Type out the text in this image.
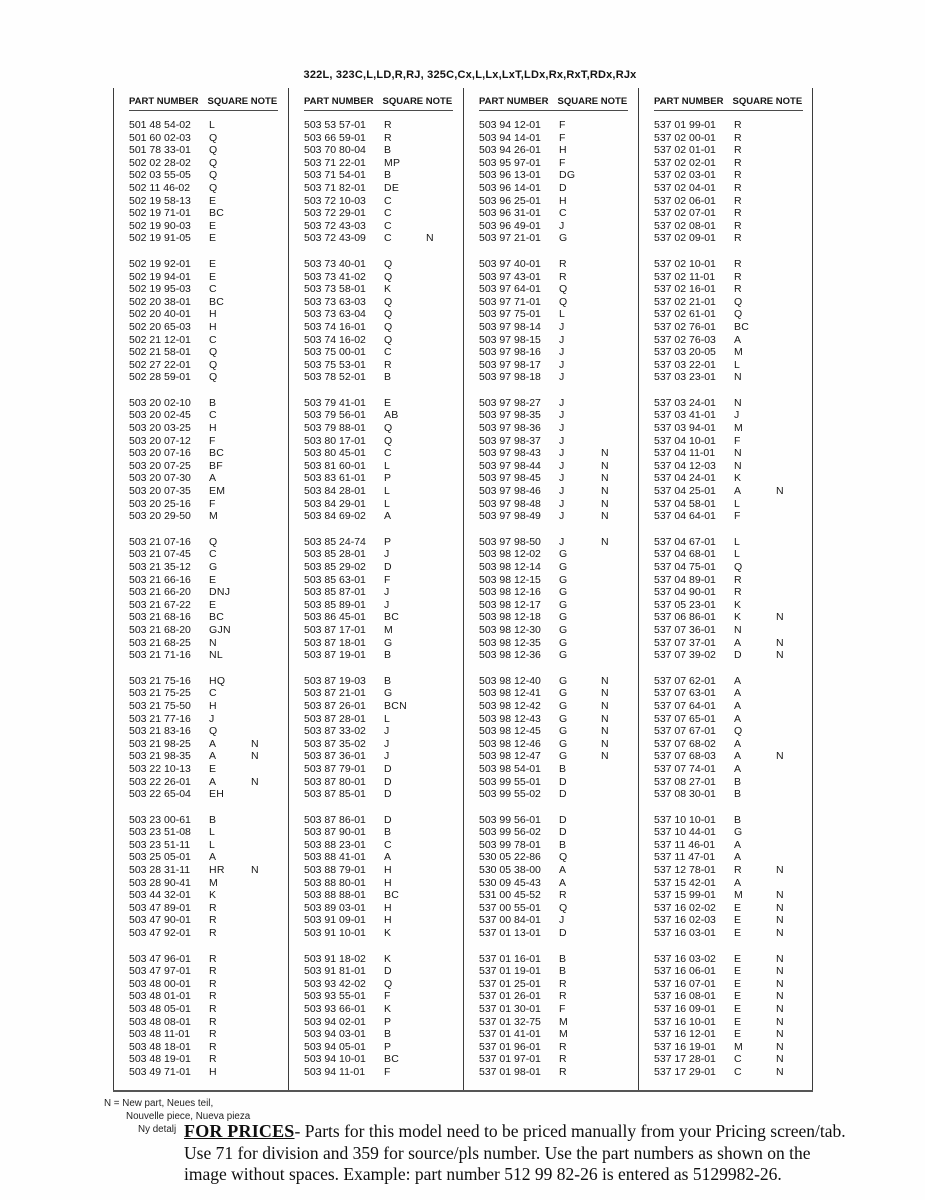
322L, 323C,L,LD,R,RJ, 325C,Cx,L,Lx,LxT,LDx,Rx,RxT,RDx,RJx
PART NUMBER SQUARE NOTE
501 48 54-02 L
501 60 02-03 Q
501 78 33-01 Q
502 02 28-02 Q
502 03 55-05 Q
502 11 46-02 Q
502 19 58-13 E
502 19 71-01 BC
502 19 90-03 E
502 19 91-05 E
502 19 92-01 E
502 19 94-01 E
502 19 95-03 C
502 20 38-01 BC
502 20 40-01 H
502 20 65-03 H
502 21 12-01 C
502 21 58-01 Q
502 27 22-01 Q
502 28 59-01 Q
503 20 02-10 B
503 20 02-45 C
503 20 03-25 H
503 20 07-12 F
503 20 07-16 BC
503 20 07-25 BF
503 20 07-30 A
503 20 07-35 EM
503 20 25-16 F
503 20 29-50 M
503 21 07-16 Q
503 21 07-45 C
503 21 35-12 G
503 21 66-16 E
503 21 66-20 DNJ
503 21 67-22 E
503 21 68-16 BC
503 21 68-20 GJN
503 21 68-25 N
503 21 71-16 NL
503 21 75-16 HQ
503 21 75-25 C
503 21 75-50 H
503 21 77-16 J
503 21 83-16 Q
503 21 98-25 A	N
503 21 98-35 A	N
503 22 10-13 E
503 22 26-01 A	N
503 22 65-04 EH
503 23 00-61 B
503 23 51-08 L
503 23 51-11 L
503 25 05-01 A
503 28 31-11 HR N
503 28 90-41 M
503 44 32-01 K
503 47 89-01 R
503 47 90-01 R
503 47 92-01 R
503 47 96-01 R
503 47 97-01 R
503 48 00-01 R
503 48 01-01 R
503 48 05-01 R
503 48 08-01 R
503 48 11-01 R
503 48 18-01 R
503 48 19-01 R
503 49 71-01 H
PART NUMBER SQUARE NOTE
503 53 57-01 R
503 66 59-01 R
503 70 80-04 B
503 71 22-01 MP
503 71 54-01 B
503 71 82-01 DE
503 72 10-03 C
503 72 29-01 C
503 72 43-03 C
503 72 43-09 C	N
503 73 40-01 Q
503 73 41-02 Q
503 73 58-01 K
503 73 63-03 Q
503 73 63-04 Q
503 74 16-01 Q
503 74 16-02 Q
503 75 00-01 C
503 75 53-01 R
503 78 52-01 B
503 79 41-01 E
503 79 56-01 AB
503 79 88-01 Q
503 80 17-01 Q
503 80 45-01 C
503 81 60-01 L
503 83 61-01 P
503 84 28-01 L
503 84 29-01 L
503 84 69-02 A
503 85 24-74 P
503 85 28-01 J
503 85 29-02 D
503 85 63-01 F
503 85 87-01 J
503 85 89-01 J
503 86 45-01 BC
503 87 17-01 M
503 87 18-01 G
503 87 19-01 B
503 87 19-03 B
503 87 21-01 G
503 87 26-01 BCN
503 87 28-01 L
503 87 33-02 J
503 87 35-02 J
503 87 36-01 J
503 87 79-01 D
503 87 80-01 D
503 87 85-01 D
503 87 86-01 D
503 87 90-01 B
503 88 23-01 C
503 88 41-01 A
503 88 79-01 H
503 88 80-01 H
503 88 88-01 BC
503 89 03-01 H
503 91 09-01 H
503 91 10-01 K
503 91 18-02 K
503 91 81-01 D
503 93 42-02 Q
503 93 55-01 F
503 93 66-01 K
503 94 02-01 P
503 94 03-01 B
503 94 05-01 P
503 94 10-01 BC
503 94 11-01 F
PART NUMBER SQUARE NOTE
503 94 12-01 F
503 94 14-01 F
503 94 26-01 H
503 95 97-01 F
503 96 13-01 DG
503 96 14-01 D
503 96 25-01 H
503 96 31-01 C
503 96 49-01 J
503 97 21-01 G
503 97 40-01 R
503 97 43-01 R
503 97 64-01 Q
503 97 71-01 Q
503 97 75-01 L
503 97 98-14 J
503 97 98-15 J
503 97 98-16 J
503 97 98-17 J
503 97 98-18 J
503 97 98-27 J
503 97 98-35 J
503 97 98-36 J
503 97 98-37 J
503 97 98-43 J	N
503 97 98-44 J	N
503 97 98-45 J	N
503 97 98-46 J	N
503 97 98-48 J	N
503 97 98-49 J	N
503 97 98-50 J	N
503 98 12-02 G
503 98 12-14 G
503 98 12-15 G
503 98 12-16 G
503 98 12-17 G
503 98 12-18 G
503 98 12-30 G
503 98 12-35 G
503 98 12-36 G
503 98 12-40 G	N
503 98 12-41 G	N
503 98 12-42 G	N
503 98 12-43 G	N
503 98 12-45 G	N
503 98 12-46 G	N
503 98 12-47 G	N
503 98 54-01 B
503 99 55-01 D
503 99 55-02 D
503 99 56-01 D
503 99 56-02 D
503 99 78-01 B
530 05 22-86 Q
530 05 38-00 A
530 09 45-43 A
531 00 45-52 R
537 00 55-01 Q
537 00 84-01 J
537 01 13-01 D
537 01 16-01 B
537 01 19-01 B
537 01 25-01 R
537 01 26-01 R
537 01 30-01 F
537 01 32-75 M
537 01 41-01 M
537 01 96-01 R
537 01 97-01 R
537 01 98-01 R
PART NUMBER SQUARE NOTE
537 01 99-01 R
537 02 00-01 R
537 02 01-01 R
537 02 02-01 R
537 02 03-01 R
537 02 04-01 R
537 02 06-01 R
537 02 07-01 R
537 02 08-01 R
537 02 09-01 R
537 02 10-01 R
537 02 11-01 R
537 02 16-01 R
537 02 21-01 Q
537 02 61-01 Q
537 02 76-01 BC
537 02 76-03 A
537 03 20-05 M
537 03 22-01 L
537 03 23-01 N
537 03 24-01 N
537 03 41-01 J
537 03 94-01 M
537 04 10-01 F
537 04 11-01 N
537 04 12-03 N
537 04 24-01 K
537 04 25-01 A	N
537 04 58-01 L
537 04 64-01 F
537 04 67-01 L
537 04 68-01 L
537 04 75-01 Q
537 04 89-01 R
537 04 90-01 R
537 05 23-01 K
537 06 86-01 K	N
537 07 36-01 N
537 07 37-01 A	N
537 07 39-02 D	N
537 07 62-01 A
537 07 63-01 A
537 07 64-01 A
537 07 65-01 A
537 07 67-01 Q
537 07 68-02 A
537 07 68-03 A	N
537 07 74-01 A
537 08 27-01 B
537 08 30-01 B
537 10 10-01 B
537 10 44-01 G
537 11 46-01 A
537 11 47-01 A
537 12 78-01 R	N
537 15 42-01 A
537 15 99-01 M	N
537 16 02-02 E	N
537 16 02-03 E	N
537 16 03-01 E	N
537 16 03-02 E	N
537 16 06-01 E	N
537 16 07-01 E	N
537 16 08-01 E	N
537 16 09-01 E	N
537 16 10-01 E	N
537 16 12-01 E	N
537 16 19-01 M	N
537 17 28-01 C	N
537 17 29-01 C	N
N = New part, Neues teil,
Nouvelle piece, Nueva pieza
Ny detalj FOR PRICES- Parts for this model need to be priced manually from your Pricing screen/tab.
Use 71 for division and 359 for source/pls number. Use the part numbers as shown on the
image without spaces. Example: part number 512 99 82-26 is entered as 5129982-26.
